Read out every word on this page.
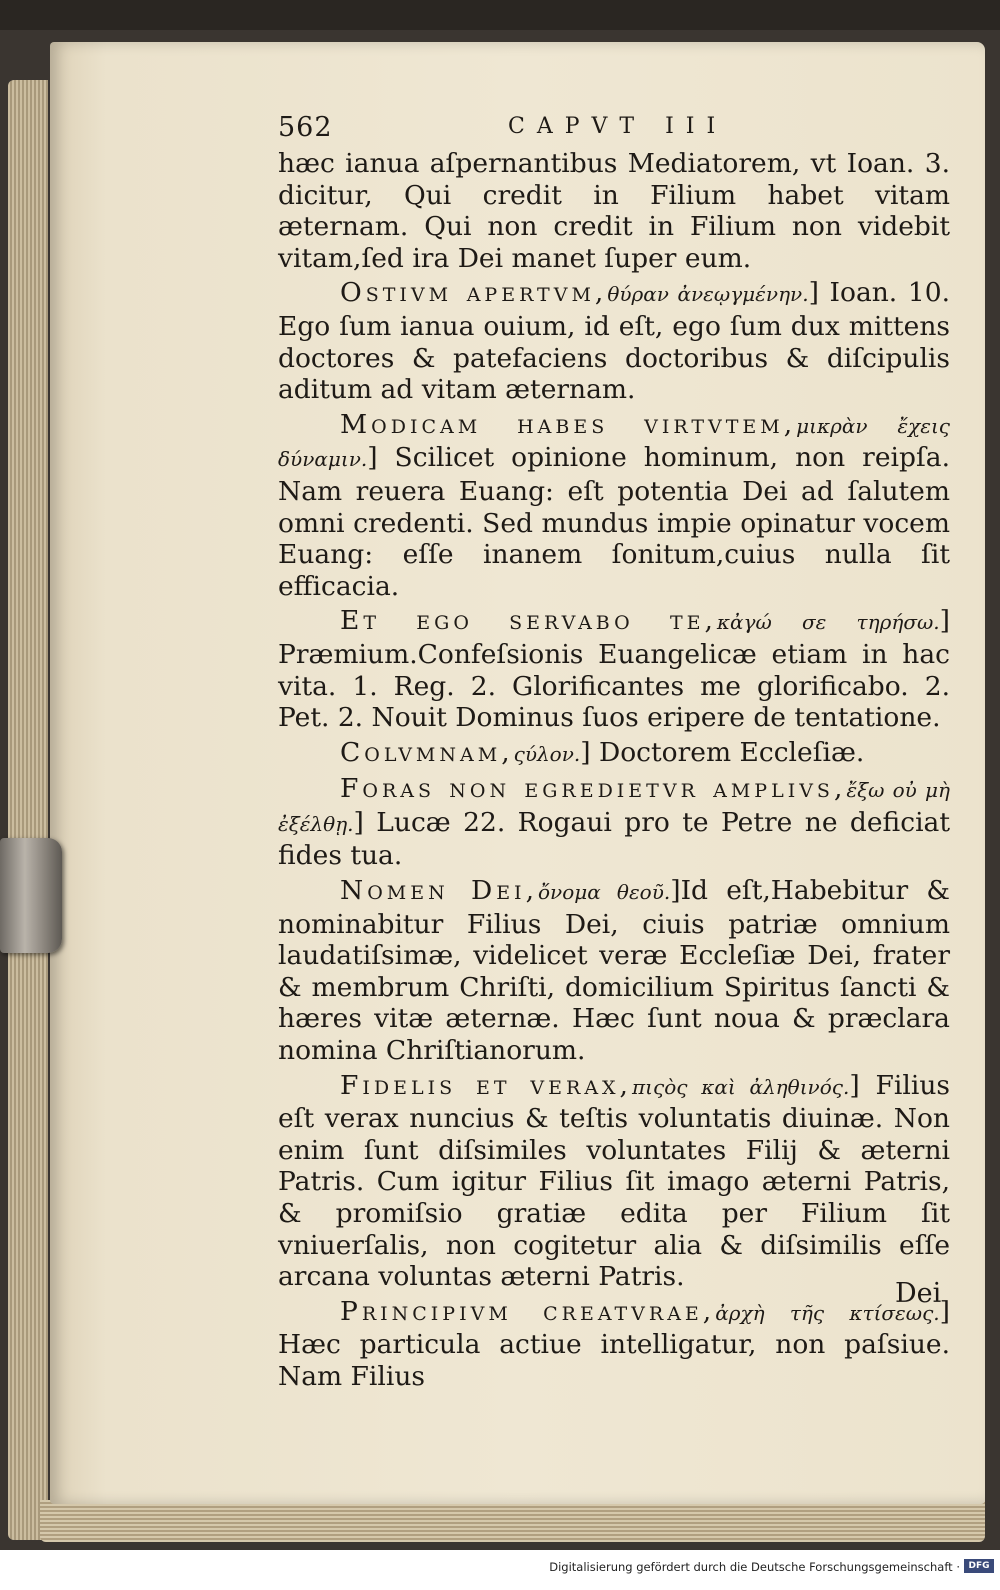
562	CAPVT III

hæc ianua aſpernantibus Mediatorem, vt Ioan. 3. dicitur, Qui credit in Filium habet vitam æternam. Qui non credit in Filium non videbit vitam,ſed ira Dei manet ſuper eum.

Ostivm apertvm,θύραν ἀνεῳγμένην.] Ioan. 10. Ego ſum ianua ouium, id eſt, ego ſum dux mittens doctores & patefaciens doctoribus & diſcipulis aditum ad vitam æternam.

Modicam habes virtvtem,μικρὰν ἔχεις δύναμιν.] Scilicet opinione hominum, non reipſa. Nam reuera Euang: eſt potentia Dei ad ſalutem omni credenti. Sed mundus impie opinatur vocem Euang: eſſe inanem ſonitum,cuius nulla ſit efficacia.

Et ego servabo te,κἀγώ σε τηρήσω.] Præmium.Confeſsionis Euangelicæ etiam in hac vita. 1. Reg. 2. Glorificantes me glorificabo. 2. Pet. 2. Nouit Dominus ſuos eripere de tentatione.

Colvmnam,ςύλον.] Doctorem Eccleſiæ.

Foras non egredietvr amplivs,ἔξω οὐ μὴ ἐξέλθῃ.] Lucæ 22. Rogaui pro te Petre ne deficiat fides tua.

Nomen Dei,ὄνομα θεοῦ.]Id eſt,Habebitur & nominabitur Filius Dei, ciuis patriæ omnium laudatiſsimæ, videlicet veræ Eccleſiæ Dei, frater & membrum Chriſti, domicilium Spiritus ſancti & hæres vitæ æternæ. Hæc ſunt noua & præclara nomina Chriſtianorum.

Fidelis et verax,πιςὸς καὶ ἀληθινός.] Filius eſt verax nuncius & teſtis voluntatis diuinæ. Non enim ſunt diſsimiles voluntates Filij & æterni Patris. Cum igitur Filius ſit imago æterni Patris, & promiſsio gratiæ edita per Filium ſit vniuerſalis, non cogitetur alia & diſsimilis eſſe arcana voluntas æterni Patris.

Principivm creatvrae,ἀρχὴ τῆς κτίσεως.] Hæc particula actiue intelligatur, non paſsiue. Nam Filius

Dei
Digitalisierung gefördert durch die Deutsche Forschungsgemeinschaft · DFG
